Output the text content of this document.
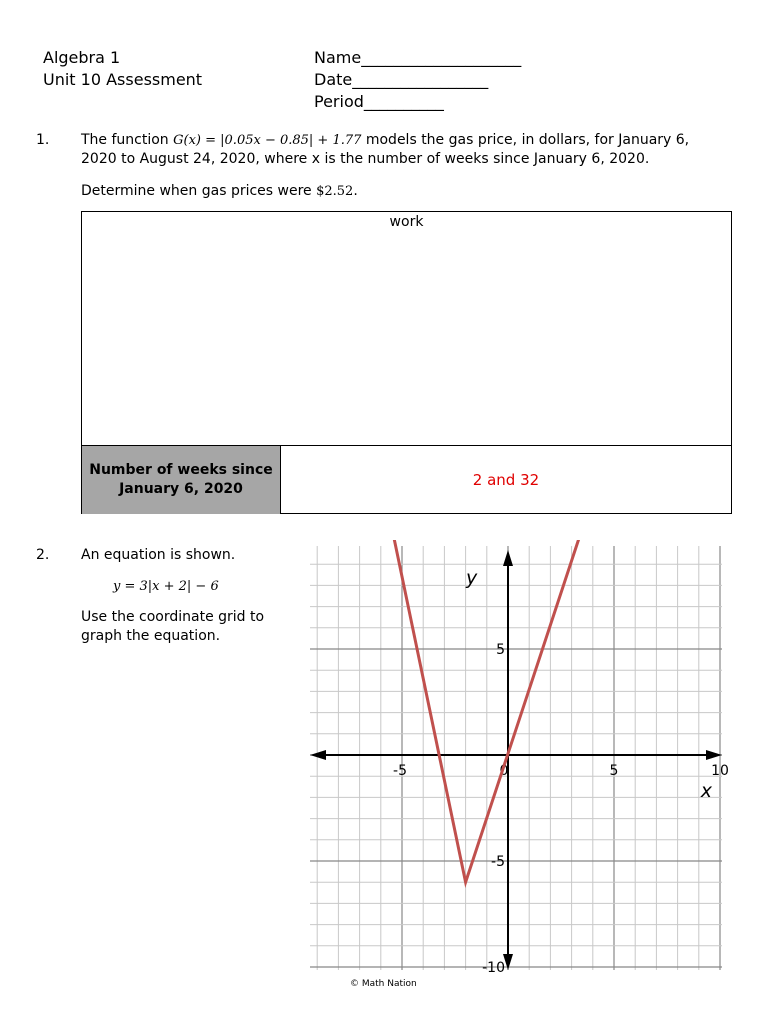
Algebra 1
Unit 10 Assessment
Name____________________
Date_________________
Period__________
1. The function G(x) = |0.05x − 0.85| + 1.77 models the gas price, in dollars, for January 6,
2020 to August 24, 2020, where x is the number of weeks since January 6, 2020.
Determine when gas prices were $2.52.
work
Number of weeks since January 6, 2020	2 and 32
2. An equation is shown.
y = 3|x + 2| − 6
Use the coordinate grid to graph the equation.
-5	0	5	10
5
-5
-10
x
y
© Math Nation
